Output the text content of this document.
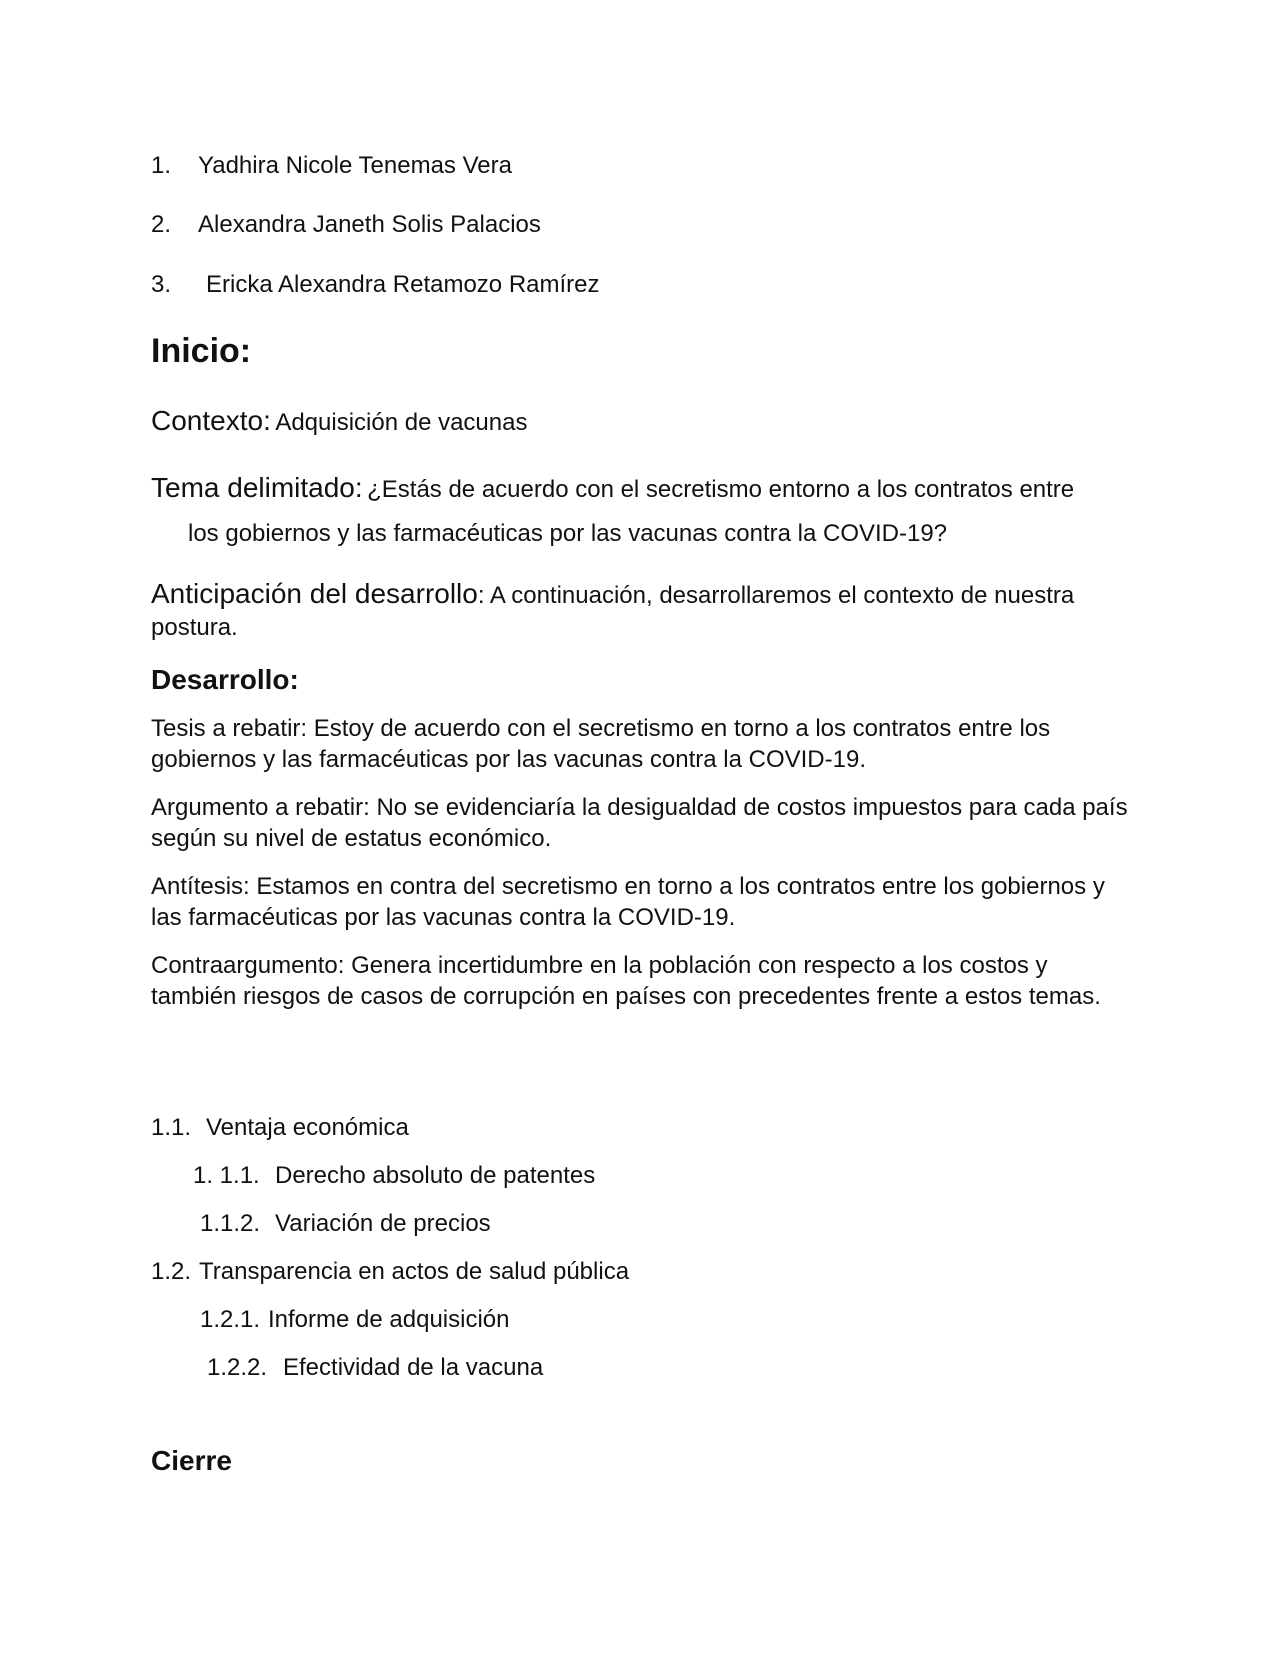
1. Yadhira Nicole Tenemas Vera
2. Alexandra Janeth Solis Palacios
3. Ericka Alexandra Retamozo Ramírez
Inicio:
Contexto: Adquisición de vacunas
Tema delimitado: ¿Estás de acuerdo con el secretismo entorno a los contratos entre
los gobiernos y las farmacéuticas por las vacunas contra la COVID-19?
Anticipación del desarrollo: A continuación, desarrollaremos el contexto de nuestra postura.
Desarrollo:
Tesis a rebatir: Estoy de acuerdo con el secretismo en torno a los contratos entre los gobiernos y las farmacéuticas por las vacunas contra la COVID-19.
Argumento a rebatir: No se evidenciaría la desigualdad de costos impuestos para cada país según su nivel de estatus económico.
Antítesis: Estamos en contra del secretismo en torno a los contratos entre los gobiernos y las farmacéuticas por las vacunas contra la COVID-19.
Contraargumento: Genera incertidumbre en la población con respecto a los costos y también riesgos de casos de corrupción en países con precedentes frente a estos temas.
1.1. Ventaja económica
1. 1.1. Derecho absoluto de patentes
1.1.2. Variación de precios
1.2. Transparencia en actos de salud pública
1.2.1. Informe de adquisición
1.2.2. Efectividad de la vacuna
Cierre
